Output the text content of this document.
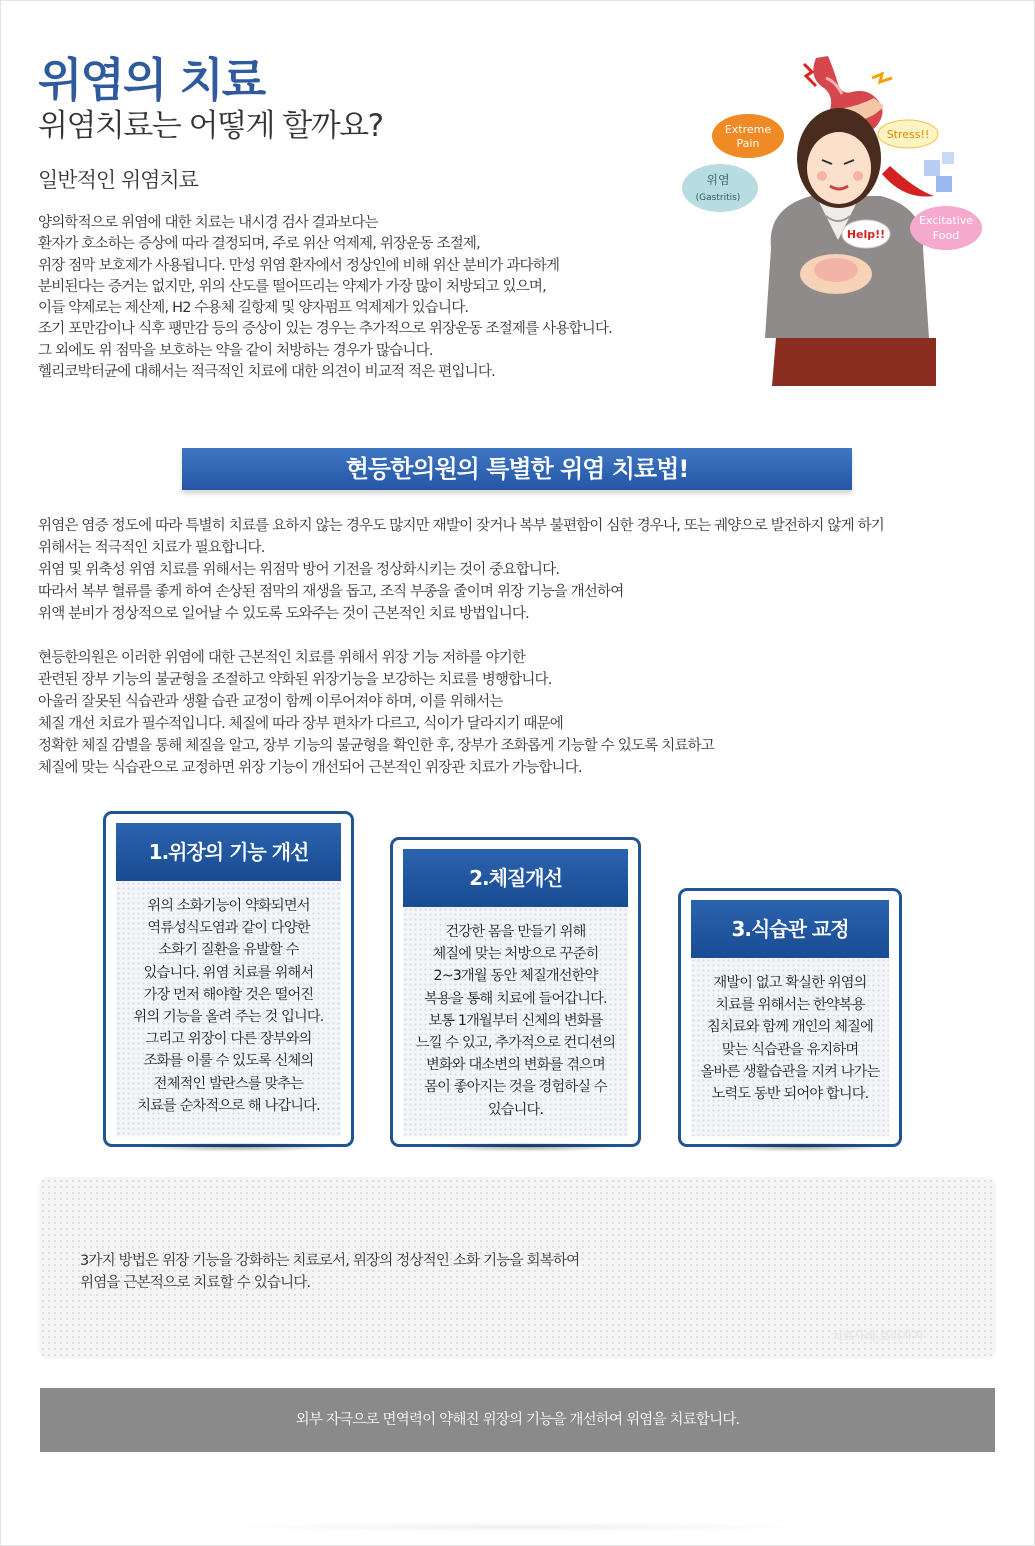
위염의 치료
위염치료는 어떻게 할까요?
일반적인 위염치료
양의학적으로 위염에 대한 치료는 내시경 검사 결과보다는
환자가 호소하는 증상에 따라 결정되며, 주로 위산 억제제, 위장운동 조절제,
위장 점막 보호제가 사용됩니다. 만성 위염 환자에서 정상인에 비해 위산 분비가 과다하게
분비된다는 증거는 없지만, 위의 산도를 떨어뜨리는 약제가 가장 많이 처방되고 있으며,
이들 약제로는 제산제, H2 수용체 길항제 및 양자펌프 억제제가 있습니다.
조기 포만감이나 식후 팽만감 등의 증상이 있는 경우는 추가적으로 위장운동 조절제를 사용합니다.
그 외에도 위 점막을 보호하는 약을 같이 처방하는 경우가 많습니다.
헬리코박터균에 대해서는 적극적인 치료에 대한 의견이 비교적 적은 편입니다.
Extreme
Pain
위염
(Gastritis)
Stress!!
Help!!
Excitative
Food
현등한의원의 특별한 위염 치료법!
위염은 염증 정도에 따라 특별히 치료를 요하지 않는 경우도 많지만 재발이 잦거나 복부 불편함이 심한 경우나, 또는 궤양으로 발전하지 않게 하기
위해서는 적극적인 치료가 필요합니다.
위염 및 위축성 위염 치료를 위해서는 위점막 방어 기전을 정상화시키는 것이 중요합니다.
따라서 복부 혈류를 좋게 하여 손상된 점막의 재생을 돕고, 조직 부종을 줄이며 위장 기능을 개선하여
위액 분비가 정상적으로 일어날 수 있도록 도와주는 것이 근본적인 치료 방법입니다.
현등한의원은 이러한 위염에 대한 근본적인 치료를 위해서 위장 기능 저하를 야기한
관련된 장부 기능의 불균형을 조절하고 약화된 위장기능을 보강하는 치료를 병행합니다.
아울러 잘못된 식습관과 생활 습관 교정이 함께 이루어져야 하며, 이를 위해서는
체질 개선 치료가 필수적입니다. 체질에 따라 장부 편차가 다르고, 식이가 달라지기 때문에
정확한 체질 감별을 통해 체질을 알고, 장부 기능의 불균형을 확인한 후, 장부가 조화롭게 기능할 수 있도록 치료하고
체질에 맞는 식습관으로 교정하면 위장 기능이 개선되어 근본적인 위장관 치료가 가능합니다.
1.위장의 기능 개선
위의 소화기능이 약화되면서
역류성식도염과 같이 다양한
소화기 질환을 유발할 수
있습니다. 위염 치료를 위해서
가장 먼저 해야할 것은 떨어진
위의 기능을 올려 주는 것 입니다.
그리고 위장이 다른 장부와의
조화를 이룰 수 있도록 신체의
전체적인 발란스를 맞추는
치료를 순차적으로 해 나갑니다.
2.체질개선
건강한 몸을 만들기 위해
체질에 맞는 처방으로 꾸준히
2~3개월 동안 체질개선한약
복용을 통해 치료에 들어갑니다.
보통 1개월부터 신체의 변화를
느낄 수 있고, 추가적으로 컨디션의
변화와 대소변의 변화를 겪으며
몸이 좋아지는 것을 경험하실 수
있습니다.
3.식습관 교정
재발이 없고 확실한 위염의
치료를 위해서는 한약복용
침치료와 함께 개인의 체질에
맞는 식습관을 유지하며
올바른 생활습관을 지켜 나가는
노력도 동반 되어야 합니다.
3가지 방법은 위장 기능을 강화하는 치료로서, 위장의 정상적인 소화 기능을 회복하여
위염을 근본적으로 치료할 수 있습니다.
치료사례 보러가기
외부 자극으로 면역력이 약해진 위장의 기능을 개선하여 위염을 치료합니다.
